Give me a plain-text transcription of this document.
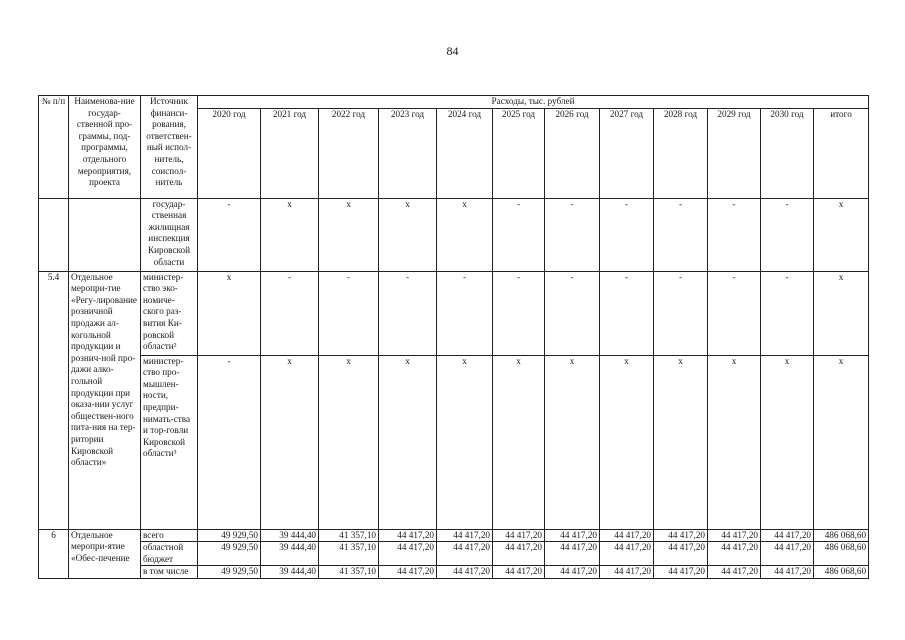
84
№ п/п	Наименова-ние государ-ственной про-граммы, под-программы, отдельного мероприятия, проекта	Источник финанси-рования, ответствен-ный испол-нитель, соиспол-нитель	Расходы, тыс. рублей											
			2020 год	2021 год	2022 год	2023 год	2024 год	2025 год	2026 год	2027 год	2028 год	2029 год	2030 год	итого
		государ-ственная жилищная инспекция Кировской области	-	x	x	x	x	-	-	-	-	-	-	x
5.4	Отдельное меропри-тие «Регу-лирование розничной продажи ал-когольной продукции и рознич-ной про-дажи алко-гольной продукции при оказа-нии услуг обществен-ного пита-ния на тер-ритории Кировской области»	министер-ство эко-номиче-ского раз-вития Ки-ровской области²	x	-	-	-	-	-	-	-	-	-	-	x
		министер-ство про-мышлен-ности, предпри-нимать-ства и тор-говли Кировской области³	-	x	x	x	x	x	x	x	x	x	x	x
6	Отдельное меропри-ятие «Обес-печение	всего	49 929,50	39 444,40	41 357,10	44 417,20	44 417,20	44 417,20	44 417,20	44 417,20	44 417,20	44 417,20	44 417,20	486 068,60
		областной бюджет	49 929,50	39 444,40	41 357,10	44 417,20	44 417,20	44 417,20	44 417,20	44 417,20	44 417,20	44 417,20	44 417,20	486 068,60
		в том числе	49 929,50	39 444,40	41 357,10	44 417,20	44 417,20	44 417,20	44 417,20	44 417,20	44 417,20	44 417,20	44 417,20	486 068,60
